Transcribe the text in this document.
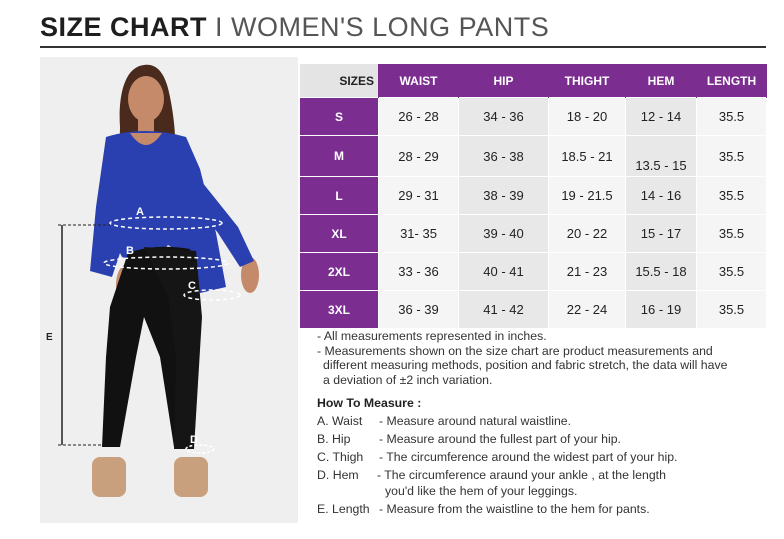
SIZE CHART I WOMEN'S LONG PANTS
A
B
C
D
E
SIZES	WAIST	HIP	THIGHT	HEM	LENGTH
S	26 - 28	34 - 36	18 - 20	12 - 14	35.5
M	28 - 29	36 - 38	18.5 - 21	13.5 - 15	35.5
L	29 - 31	38 - 39	19 - 21.5	14 - 16	35.5
XL	31- 35	39 - 40	20 - 22	15 - 17	35.5
2XL	33 - 36	40 - 41	21 - 23	15.5 - 18	35.5
3XL	36 - 39	41 - 42	22 - 24	16 - 19	35.5

- All measurements represented in inches.

- Measurements shown on the size chart are product measurements and

different measuring methods, position and fabric stretch, the data will have

a deviation of ±2 inch variation.

How To Measure :
A. Waist - Measure around natural waistline.
B. Hip - Measure around the fullest part of your hip.
C. Thigh - The circumference around the widest part of your hip.
D. Hem - The circumference araund your ankle , at the length
you'd like the hem of your leggings.
E. Length - Measure from the waistline to the hem for pants.
